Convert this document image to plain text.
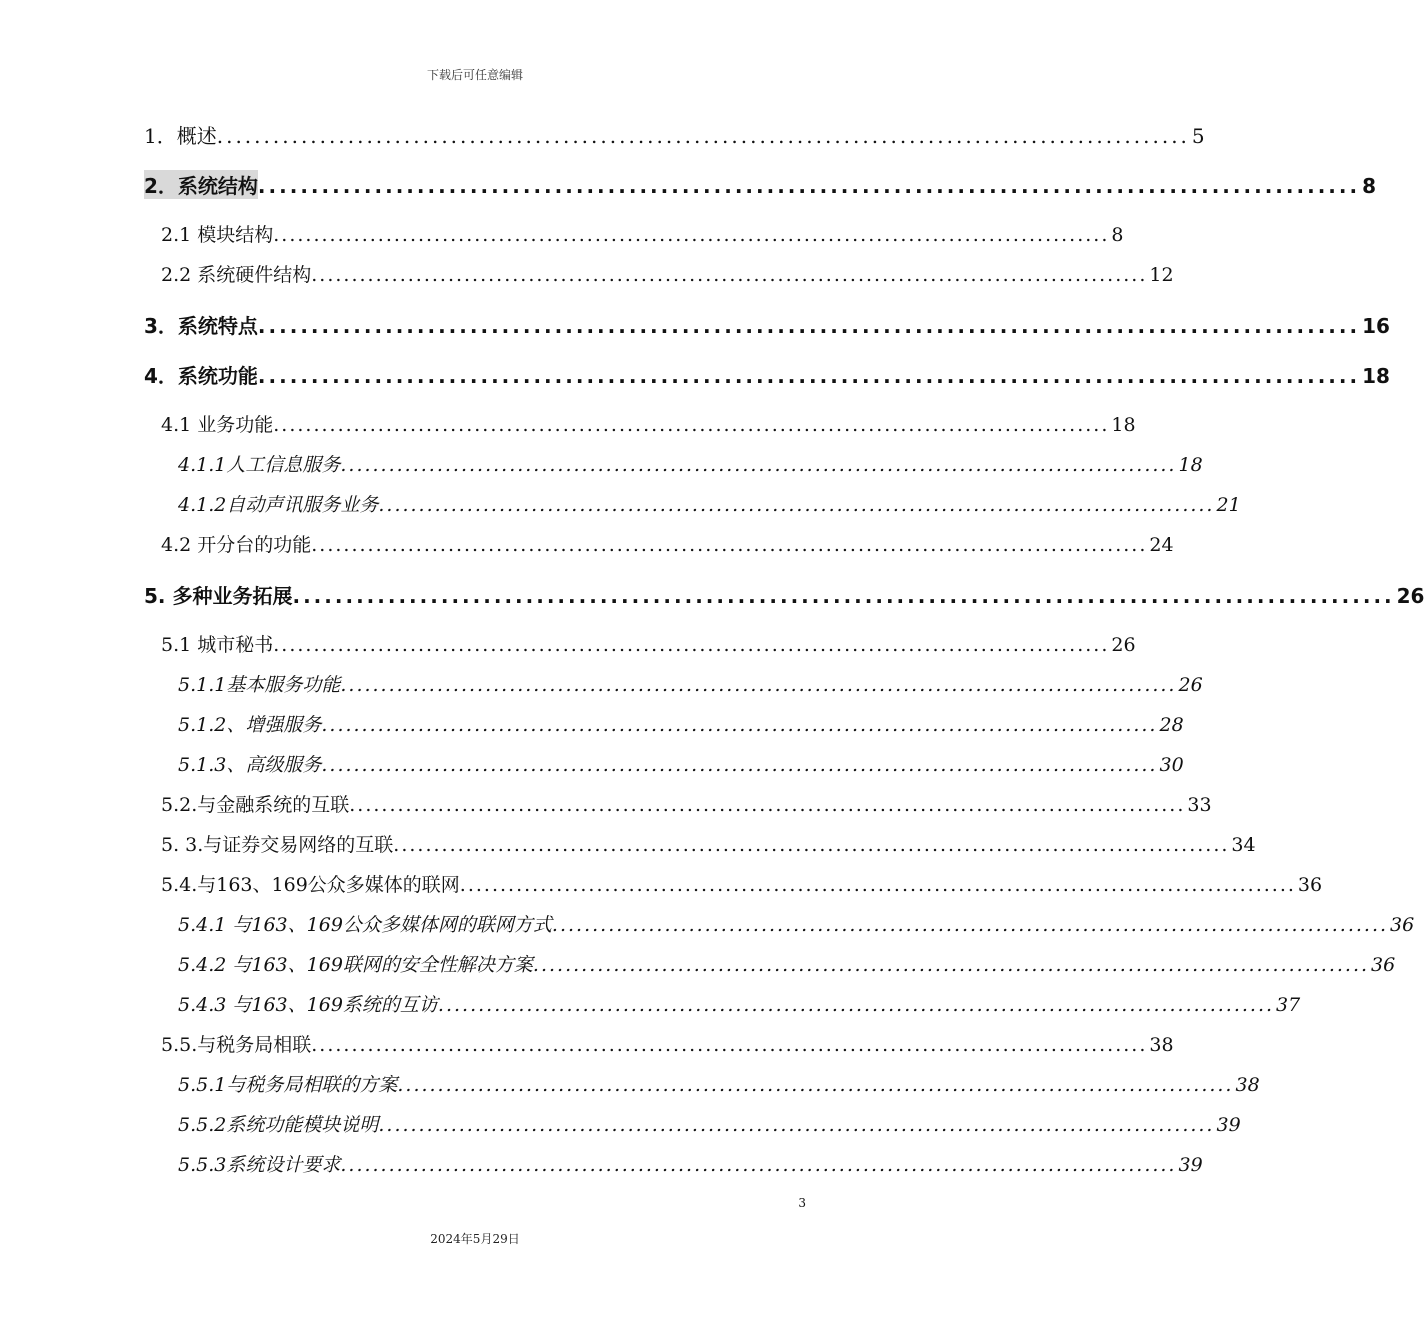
下载后可任意编辑
1．概述 ........................................................................................................ 5
2．系统结构 ........................................................................................................ 8
2.1 模块结构 ........................................................................................................ 8
2.2 系统硬件结构 ........................................................................................................ 12
3．系统特点 ........................................................................................................ 16
4．系统功能 ........................................................................................................ 18
4.1 业务功能 ........................................................................................................ 18
4.1.1人工信息服务 ........................................................................................................ 18
4.1.2自动声讯服务业务 ........................................................................................................ 21
4.2 开分台的功能 ........................................................................................................ 24
5. 多种业务拓展 ........................................................................................................ 26
5.1 城市秘书 ........................................................................................................ 26
5.1.1基本服务功能 ........................................................................................................ 26
5.1.2、增强服务 ........................................................................................................ 28
5.1.3、高级服务 ........................................................................................................ 30
5.2.与金融系统的互联 ........................................................................................................ 33
5. 3.与证券交易网络的互联 ........................................................................................................ 34
5.4.与163、169公众多媒体的联网 ........................................................................................................ 36
5.4.1 与163、169公众多媒体网的联网方式 ........................................................................................................ 36
5.4.2 与163、169联网的安全性解决方案 ........................................................................................................ 36
5.4.3 与163、169系统的互访 ........................................................................................................ 37
5.5.与税务局相联 ........................................................................................................ 38
5.5.1与税务局相联的方案 ........................................................................................................ 38
5.5.2系统功能模块说明 ........................................................................................................ 39
5.5.3系统设计要求 ........................................................................................................ 39
3
2024年5月29日
